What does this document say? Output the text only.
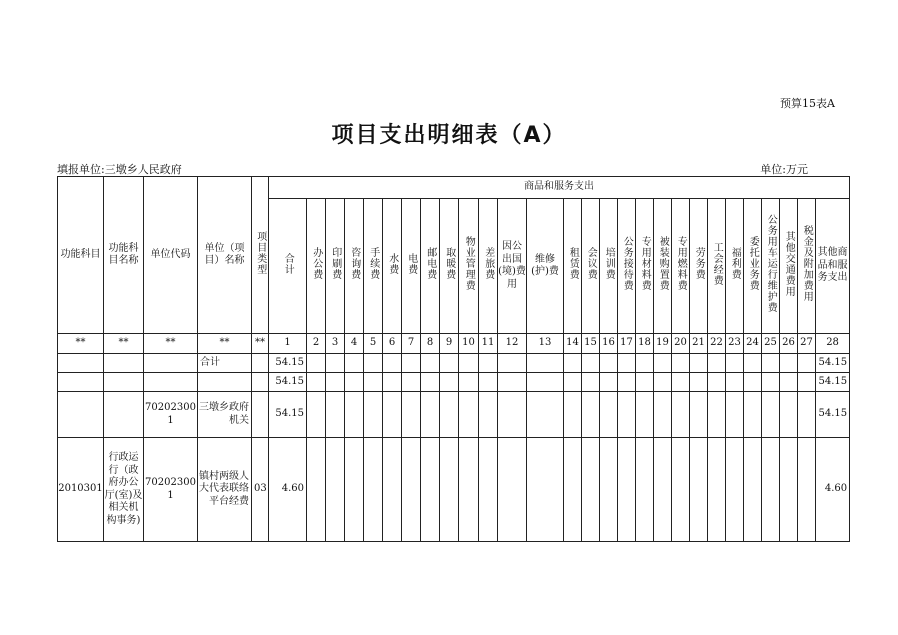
预算15表A
项目支出明细表（A）
填报单位:三墩乡人民政府	单位:万元
功能科目	功能科目名称	单位代码	单位（项目）名称	项目类型	商品和服务支出																											
					合计	办公费	印刷费	咨询费	手续费	水费	电费	邮电费	取暖费	物业管理费	差旅费	因公出国(境)费用	维修(护)费	租赁费	会议费	培训费	公务接待费	专用材料费	被装购置费	专用燃料费	劳务费	工会经费	福利费	委托业务费	公务用车运行维护费	其他交通费用	税金及附加费用	其他商品和服务支出
**	**	**	**	**	1	2	3	4	5	6	7	8	9	10	11	12	13	14	15	16	17	18	19	20	21	22	23	24	25	26	27	28
			合计		54.15																											54.15
					54.15																											54.15
		702023001	三墩乡政府机关		54.15																											54.15
2010301	行政运行（政府办公厅(室)及相关机构事务)	702023001	镇村两级人大代表联络平台经费	03	4.60																											4.60
